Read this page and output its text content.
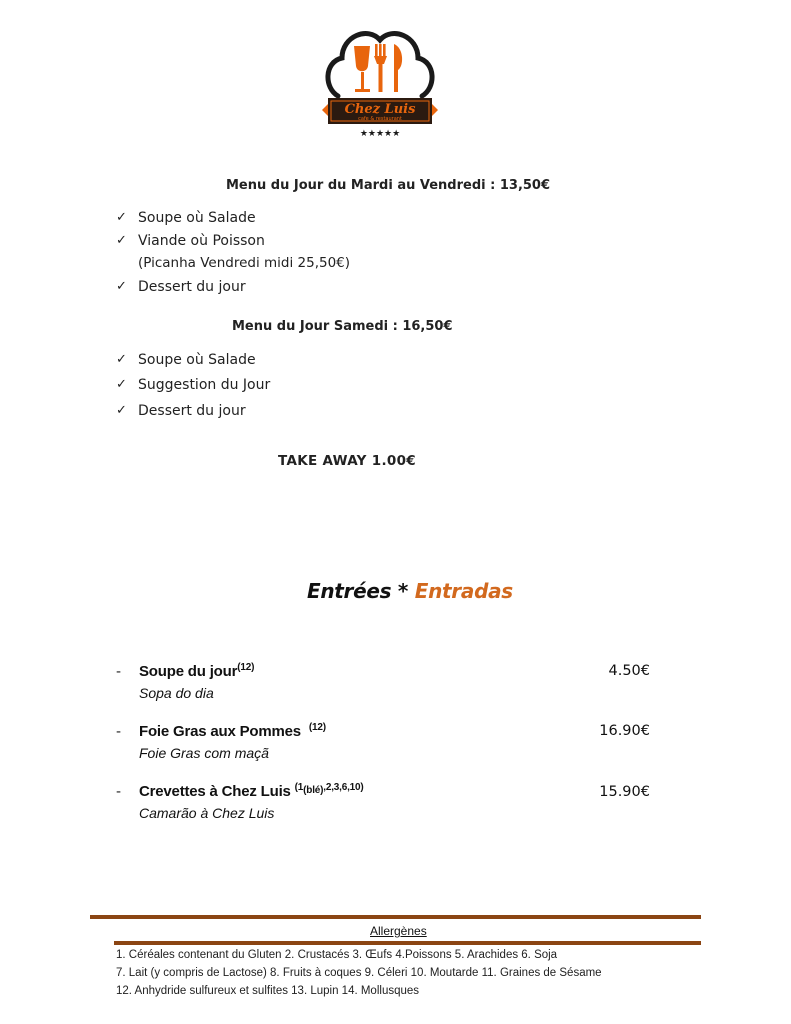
Chez Luis
cafe & restaurant
★★★★★
Menu du Jour du Mardi au Vendredi : 13,50€
✓ Soupe où Salade
✓ Viande où Poisson
(Picanha Vendredi midi 25,50€)
✓ Dessert du jour
Menu du Jour Samedi : 16,50€
✓ Soupe où Salade
✓ Suggestion du Jour
✓ Dessert du jour
TAKE AWAY 1.00€
Entrées * Entradas
- Soupe du jour$^{(12)}$
Sopa do dia
4.50€
- Foie Gras aux Pommes $^{(12)}$
Foie Gras com maçã
16.90€
- Crevettes à Chez Luis $^{(1_{(blé)},2,3,6,10)}$
Camarão à Chez Luis
15.90€
Allergènes
1. Céréales contenant du Gluten 2. Crustacés 3. Œufs 4.Poissons 5. Arachides 6. Soja
7. Lait (y compris de Lactose) 8. Fruits à coques 9. Céleri 10. Moutarde 11. Graines de Sésame
12. Anhydride sulfureux et sulfites 13. Lupin 14. Mollusques
